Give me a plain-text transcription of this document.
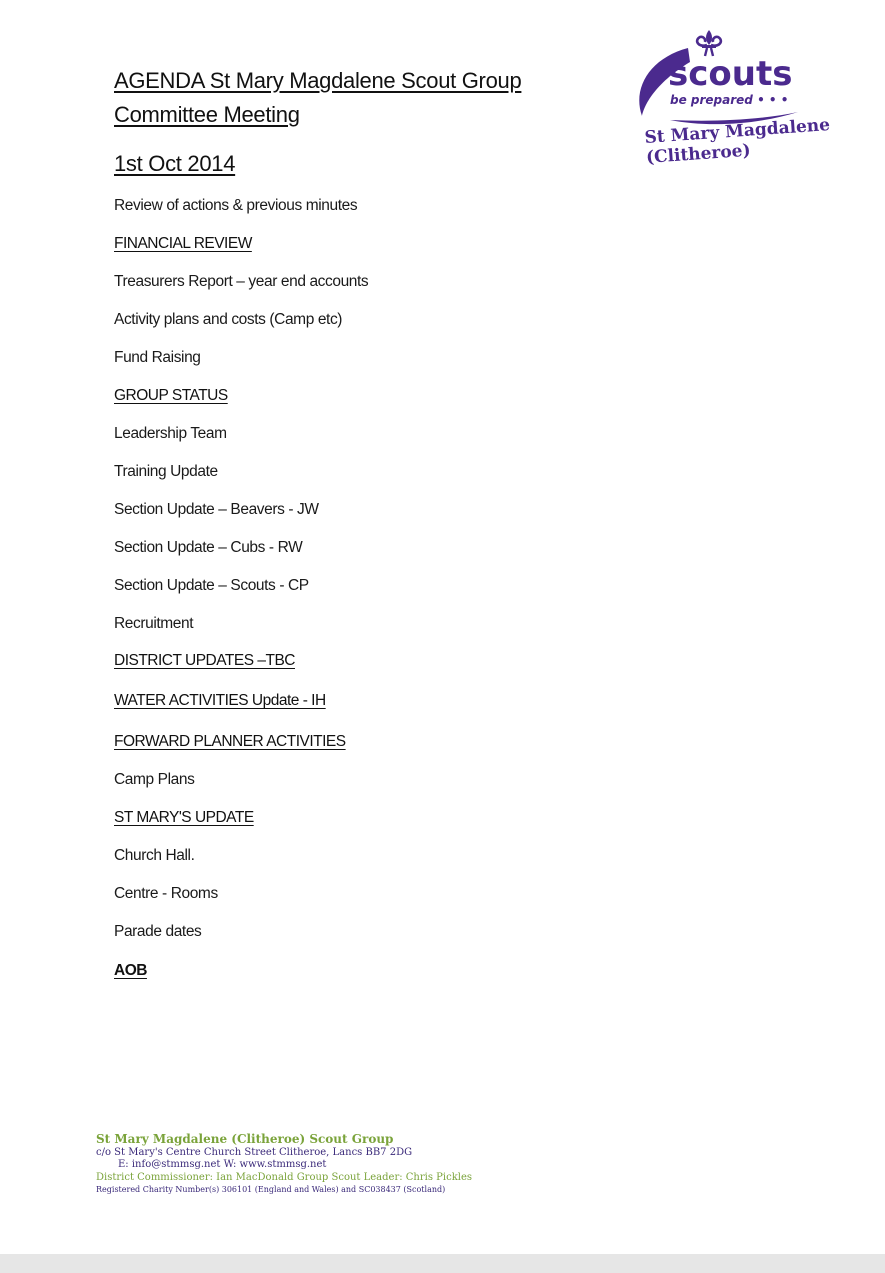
AGENDA St Mary Magdalene Scout Group
Committee Meeting
1st Oct 2014
Review of actions & previous minutes
FINANCIAL REVIEW
Treasurers Report – year end accounts
Activity plans and costs (Camp etc)
Fund Raising
GROUP STATUS
Leadership Team
Training Update
Section Update – Beavers - JW
Section Update – Cubs - RW
Section Update – Scouts - CP
Recruitment
DISTRICT UPDATES –TBC
WATER ACTIVITIES Update - IH
FORWARD PLANNER ACTIVITIES
Camp Plans
ST MARY'S UPDATE
Church Hall.
Centre - Rooms
Parade dates
AOB
scouts
be prepared • • •
St Mary Magdalene
(Clitheroe)
St Mary Magdalene (Clitheroe) Scout Group
c/o St Mary's Centre Church Street Clitheroe, Lancs BB7 2DG
E: info@stmmsg.net W: www.stmmsg.net
District Commissioner: Ian MacDonald Group Scout Leader: Chris Pickles
Registered Charity Number(s) 306101 (England and Wales) and SC038437 (Scotland)
